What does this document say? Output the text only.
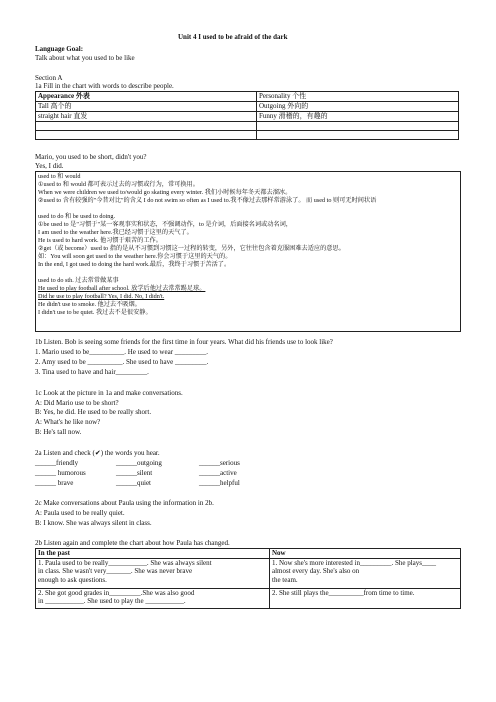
Unit 4 I used to be afraid of the dark
Language Goal:
Talk about what you used to be like
Section A
1a Fill in the chart with words to describe people.
Appearance 外表	Personality 个性
Tall 高个的	Outgoing 外向的
straight hair 直发	Funny 滑稽的，有趣的

Mario, you used to be short, didn't you?
Yes, I did.
used to 和 would
①used to 和 would 都可表示过去的习惯或行为，常可换用。
When we were children we used to/would go skating every winter. 我们小时候每年冬天都去溜冰。
②used to 含有较强的"今昔对比"的含义 I do not swim so often as I used to.我不像过去那样常游泳了。 而 used to 则可无时间状语

used to do 和 be used to doing.
①be used to 是"习惯于"某一客观事实和状态，不强调动作，to 是介词，后面接名词或动名词，
I am used to the weather here.我已经习惯于这里的天气了。
He is used to hard work. 他习惯于艰苦的工作。
②get（或 become）used to 指的是从不习惯到习惯这一过程的转变，另外，它往往包含着克服困难去适应的意思。
如：You will soon get used to the weather here.你会习惯于这里的天气的。
In the end, I got used to doing the hard work.最后，我终于习惯于苦活了。

used to do sth. 过去常常做某事
He used to play football after school. 放学后他过去常常踢足球。
Did he use to play football? Yes, I did. No, I didn't.
He didn't use to smoke. 他过去不吸烟。
I didn't use to be quiet. 我过去不是很安静。
1b Listen. Bob is seeing some friends for the first time in four years. What did his friends use to look like?
1. Mario used to be__________. He used to wear _________.
2. Amy used to be __________. She used to have _________.
3. Tina used to have and hair_________.
1c Look at the picture in 1a and make conversations.
A: Did Mario use to be short?
B: Yes, he did. He used to be really short.
A: What's he like now?
B: He's tall now.
2a Listen and check (✔) the words you hear.
______friendly	______outgoing	______serious
______ humorous	______silent	______active
______ brave	______quiet	______helpful
2c Make conversations about Paula using the information in 2b.
A: Paula used to be really quiet.
B: I know. She was always silent in class.
2b Listen again and complete the chart about how Paula has changed.
In the past	Now

1. Paula used to be really___________. She was always silent
in class. She wasn't very_______. She was never brave
enough to ask questions.	1. Now she's more interested in_________. She plays____
almost every day. She's also on
the team.

2. She got good grades in_________.She was also good
in ___________. She used to play the ___________.	2. She still plays the__________from time to time.
